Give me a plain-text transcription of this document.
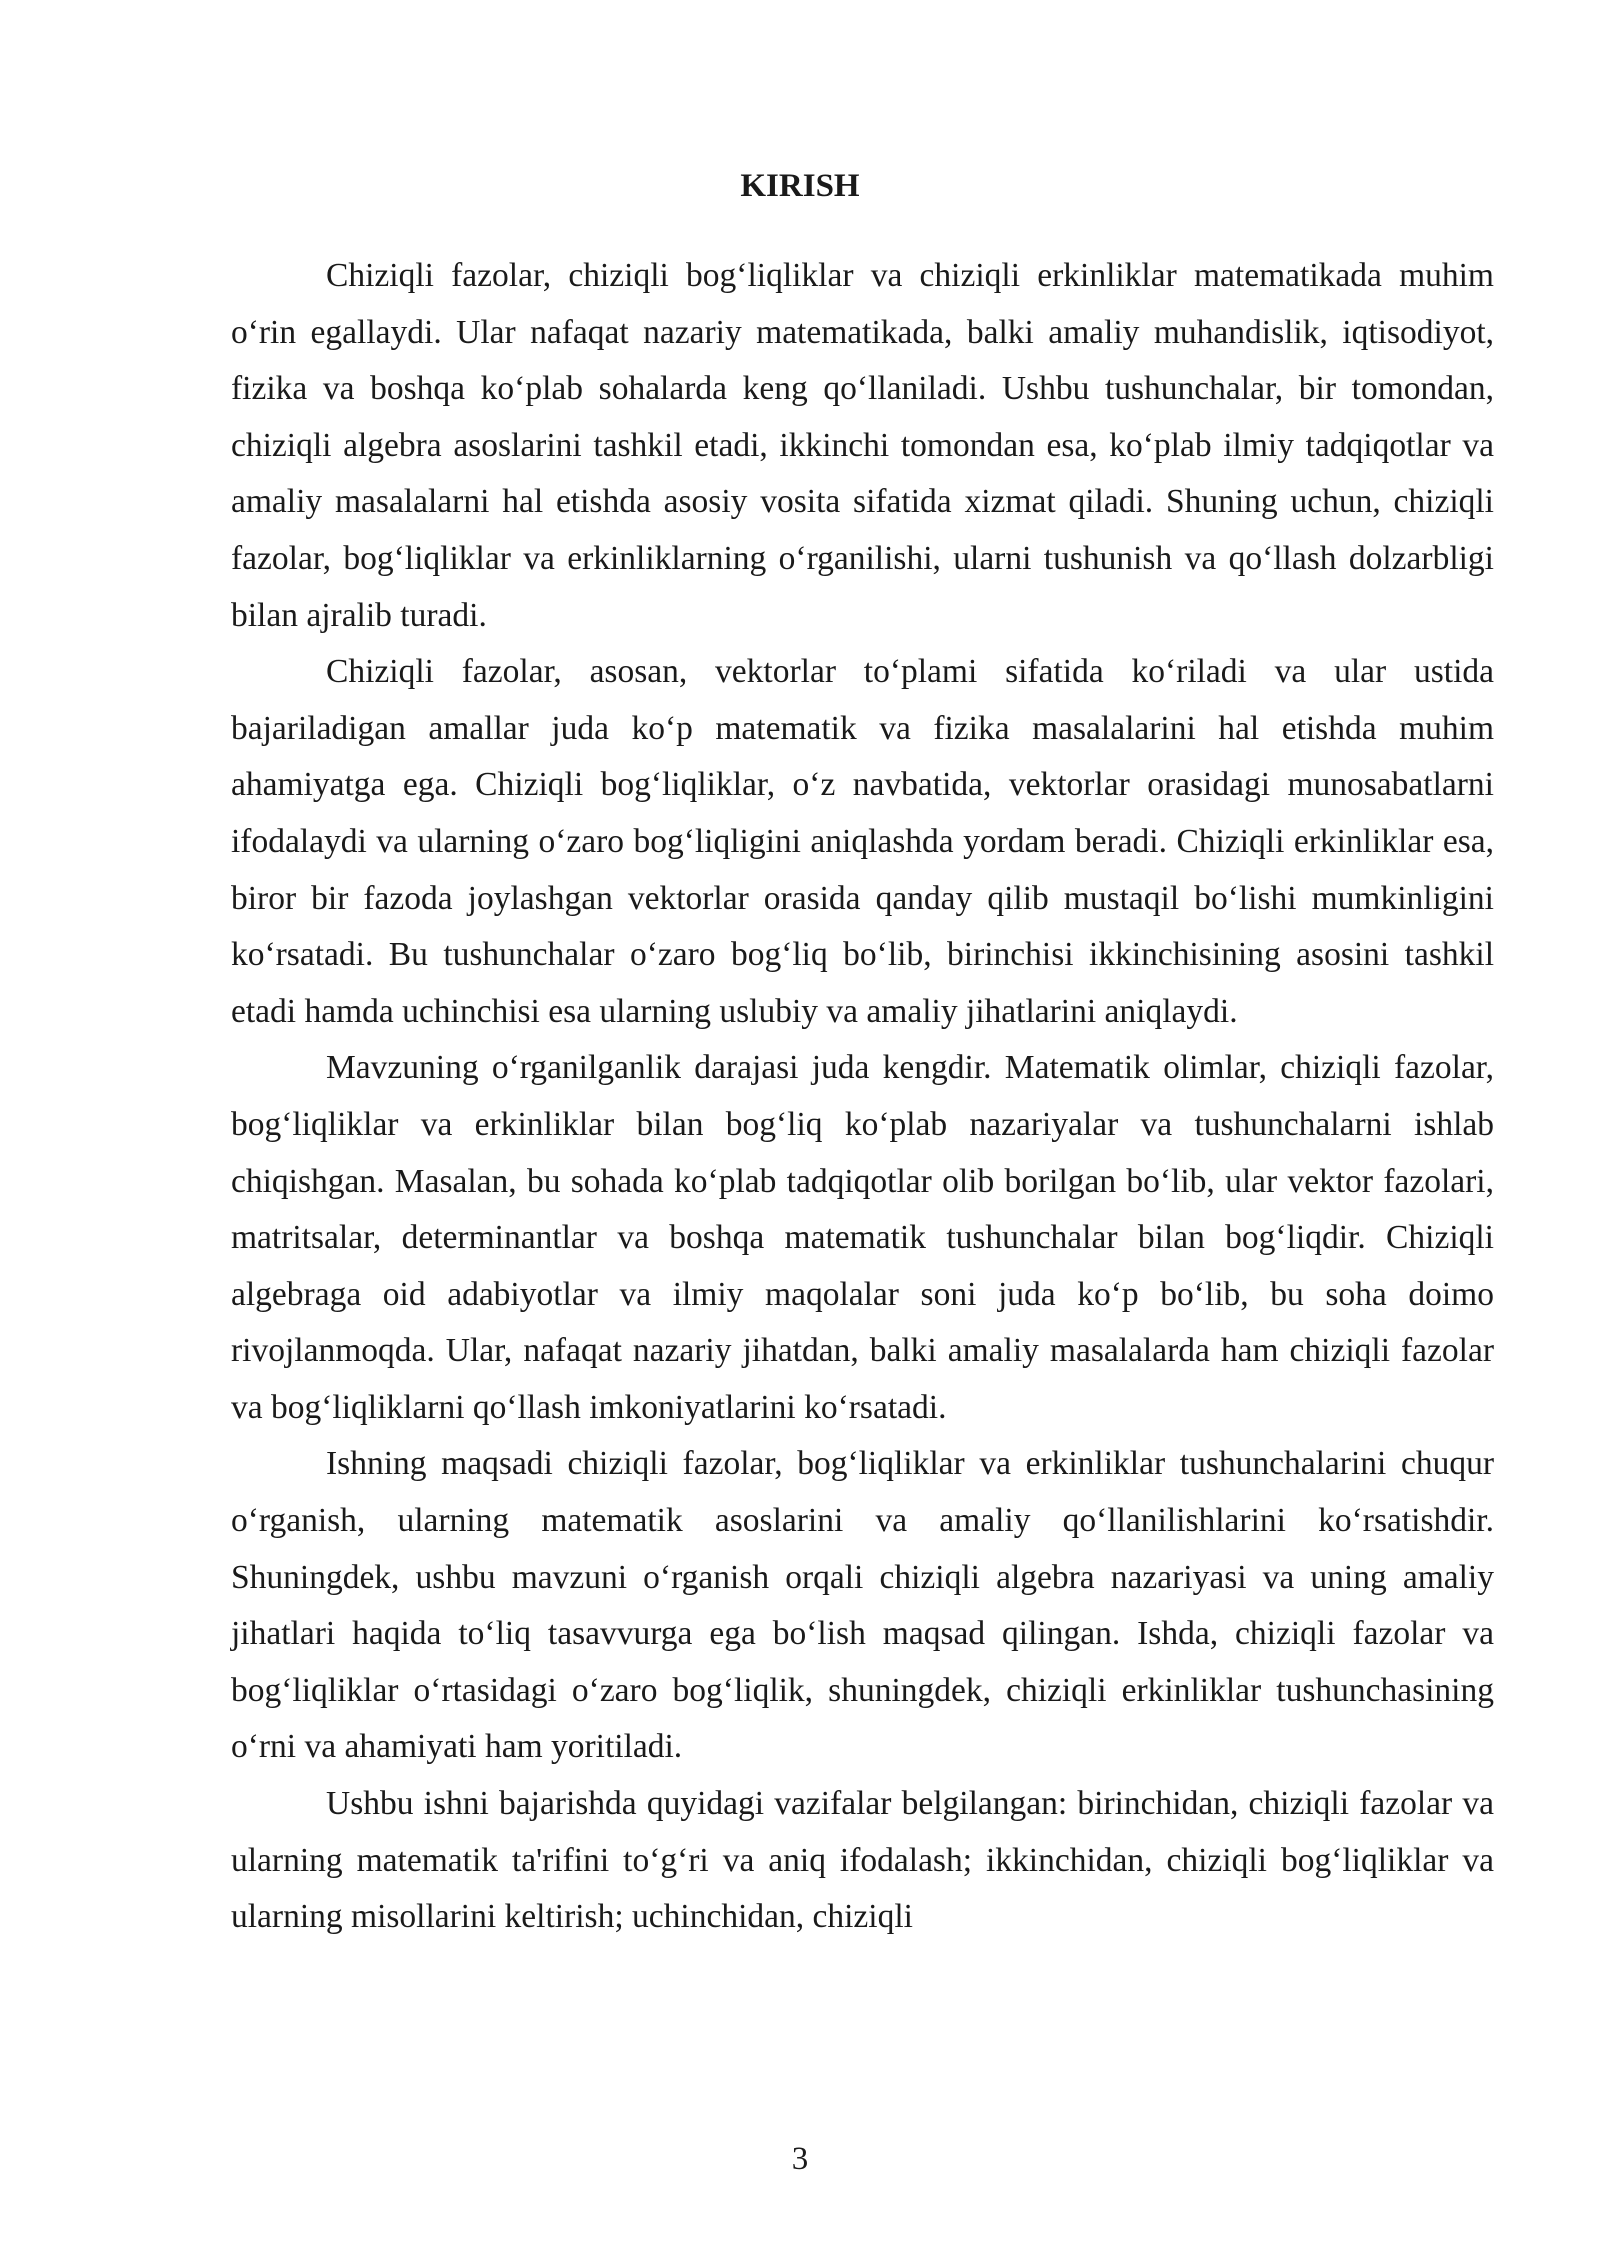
KIRISH

Chiziqli fazolar, chiziqli bog‘liqliklar va chiziqli erkinliklar matematikada muhim o‘rin egallaydi. Ular nafaqat nazariy matematikada, balki amaliy muhandislik, iqtisodiyot, fizika va boshqa ko‘plab sohalarda keng qo‘llaniladi. Ushbu tushunchalar, bir tomondan, chiziqli algebra asoslarini tashkil etadi, ikkinchi tomondan esa, ko‘plab ilmiy tadqiqotlar va amaliy masalalarni hal etishda asosiy vosita sifatida xizmat qiladi. Shuning uchun, chiziqli fazolar, bog‘liqliklar va erkinliklarning o‘rganilishi, ularni tushunish va qo‘llash dolzarbligi bilan ajralib turadi.

Chiziqli fazolar, asosan, vektorlar to‘plami sifatida ko‘riladi va ular ustida bajariladigan amallar juda ko‘p matematik va fizika masalalarini hal etishda muhim ahamiyatga ega. Chiziqli bog‘liqliklar, o‘z navbatida, vektorlar orasidagi munosabatlarni ifodalaydi va ularning o‘zaro bog‘liqligini aniqlashda yordam beradi. Chiziqli erkinliklar esa, biror bir fazoda joylashgan vektorlar orasida qanday qilib mustaqil bo‘lishi mumkinligini ko‘rsatadi. Bu tushunchalar o‘zaro bog‘liq bo‘lib, birinchisi ikkinchisining asosini tashkil etadi hamda uchinchisi esa ularning uslubiy va amaliy jihatlarini aniqlaydi.

Mavzuning o‘rganilganlik darajasi juda kengdir. Matematik olimlar, chiziqli fazolar, bog‘liqliklar va erkinliklar bilan bog‘liq ko‘plab nazariyalar va tushunchalarni ishlab chiqishgan. Masalan, bu sohada ko‘plab tadqiqotlar olib borilgan bo‘lib, ular vektor fazolari, matritsalar, determinantlar va boshqa matematik tushunchalar bilan bog‘liqdir. Chiziqli algebraga oid adabiyotlar va ilmiy maqolalar soni juda ko‘p bo‘lib, bu soha doimo rivojlanmoqda. Ular, nafaqat nazariy jihatdan, balki amaliy masalalarda ham chiziqli fazolar va bog‘liqliklarni qo‘llash imkoniyatlarini ko‘rsatadi.

Ishning maqsadi chiziqli fazolar, bog‘liqliklar va erkinliklar tushunchalarini chuqur o‘rganish, ularning matematik asoslarini va amaliy qo‘llanilishlarini ko‘rsatishdir. Shuningdek, ushbu mavzuni o‘rganish orqali chiziqli algebra nazariyasi va uning amaliy jihatlari haqida to‘liq tasavvurga ega bo‘lish maqsad qilingan. Ishda, chiziqli fazolar va bog‘liqliklar o‘rtasidagi o‘zaro bog‘liqlik, shuningdek, chiziqli erkinliklar tushunchasining o‘rni va ahamiyati ham yoritiladi.

Ushbu ishni bajarishda quyidagi vazifalar belgilangan: birinchidan, chiziqli fazolar va ularning matematik ta'rifini to‘g‘ri va aniq ifodalash; ikkinchidan, chiziqli bog‘liqliklar va ularning misollarini keltirish; uchinchidan, chiziqli

3
